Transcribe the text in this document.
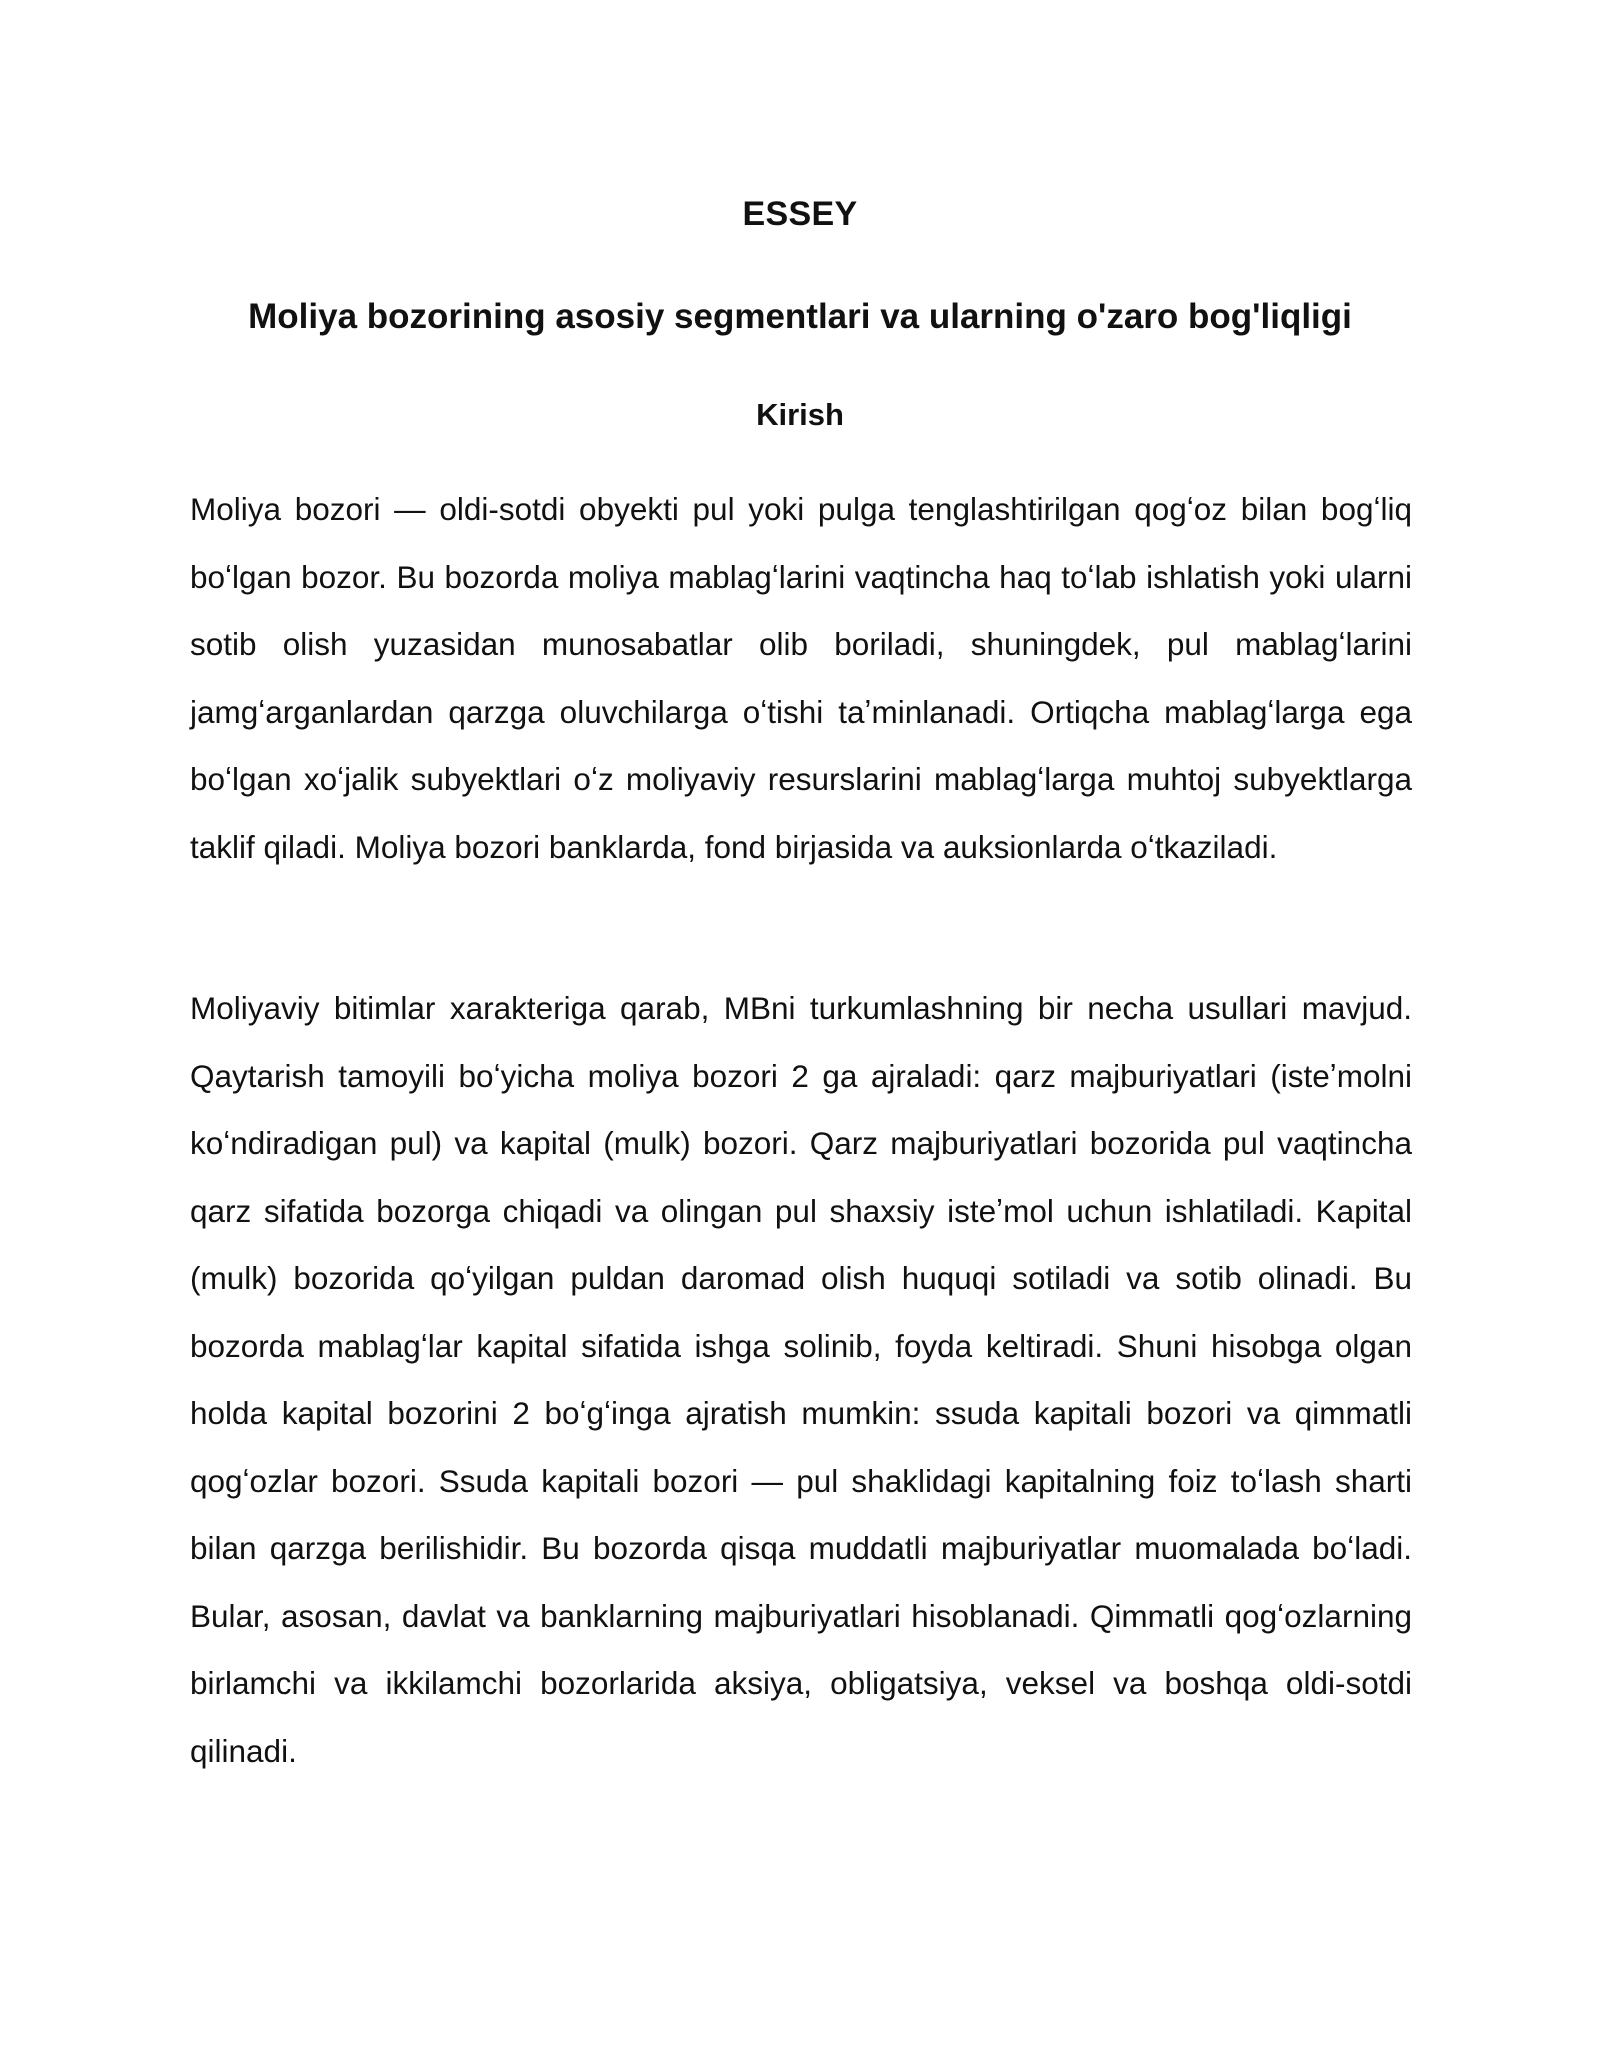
ESSEY
Moliya bozorining asosiy segmentlari va ularning o'zaro bog'liqligi
Kirish

Moliya bozori — oldi-sotdi obyekti pul yoki pulga tenglashtirilgan qogʻoz bilan bogʻliq boʻlgan bozor. Bu bozorda moliya mablagʻlarini vaqtincha haq toʻlab ishlatish yoki ularni sotib olish yuzasidan munosabatlar olib boriladi, shuningdek, pul mablagʻlarini jamgʻarganlardan qarzga oluvchilarga oʻtishi taʼminlanadi. Ortiqcha mablagʻlarga ega boʻlgan xoʻjalik subyektlari oʻz moliyaviy resurslarini mablagʻlarga muhtoj subyektlarga taklif qiladi. Moliya bozori banklarda, fond birjasida va auksionlarda oʻtkaziladi.

Moliyaviy bitimlar xarakteriga qarab, MBni turkumlashning bir necha usullari mavjud. Qaytarish tamoyili boʻyicha moliya bozori 2 ga ajraladi: qarz majburiyatlari (isteʼmolni koʻndiradigan pul) va kapital (mulk) bozori. Qarz majburiyatlari bozorida pul vaqtincha qarz sifatida bozorga chiqadi va olingan pul shaxsiy isteʼmol uchun ishlatiladi. Kapital (mulk) bozorida qoʻyilgan puldan daromad olish huquqi sotiladi va sotib olinadi. Bu bozorda mablagʻlar kapital sifatida ishga solinib, foyda keltiradi. Shuni hisobga olgan holda kapital bozorini 2 boʻgʻinga ajratish mumkin: ssuda kapitali bozori va qimmatli qogʻozlar bozori. Ssuda kapitali bozori — pul shaklidagi kapitalning foiz toʻlash sharti bilan qarzga berilishidir. Bu bozorda qisqa muddatli majburiyatlar muomalada boʻladi. Bular, asosan, davlat va banklarning majburiyatlari hisoblanadi. Qimmatli qogʻozlarning birlamchi va ikkilamchi bozorlarida aksiya, obligatsiya, veksel va boshqa oldi-sotdi qilinadi.
